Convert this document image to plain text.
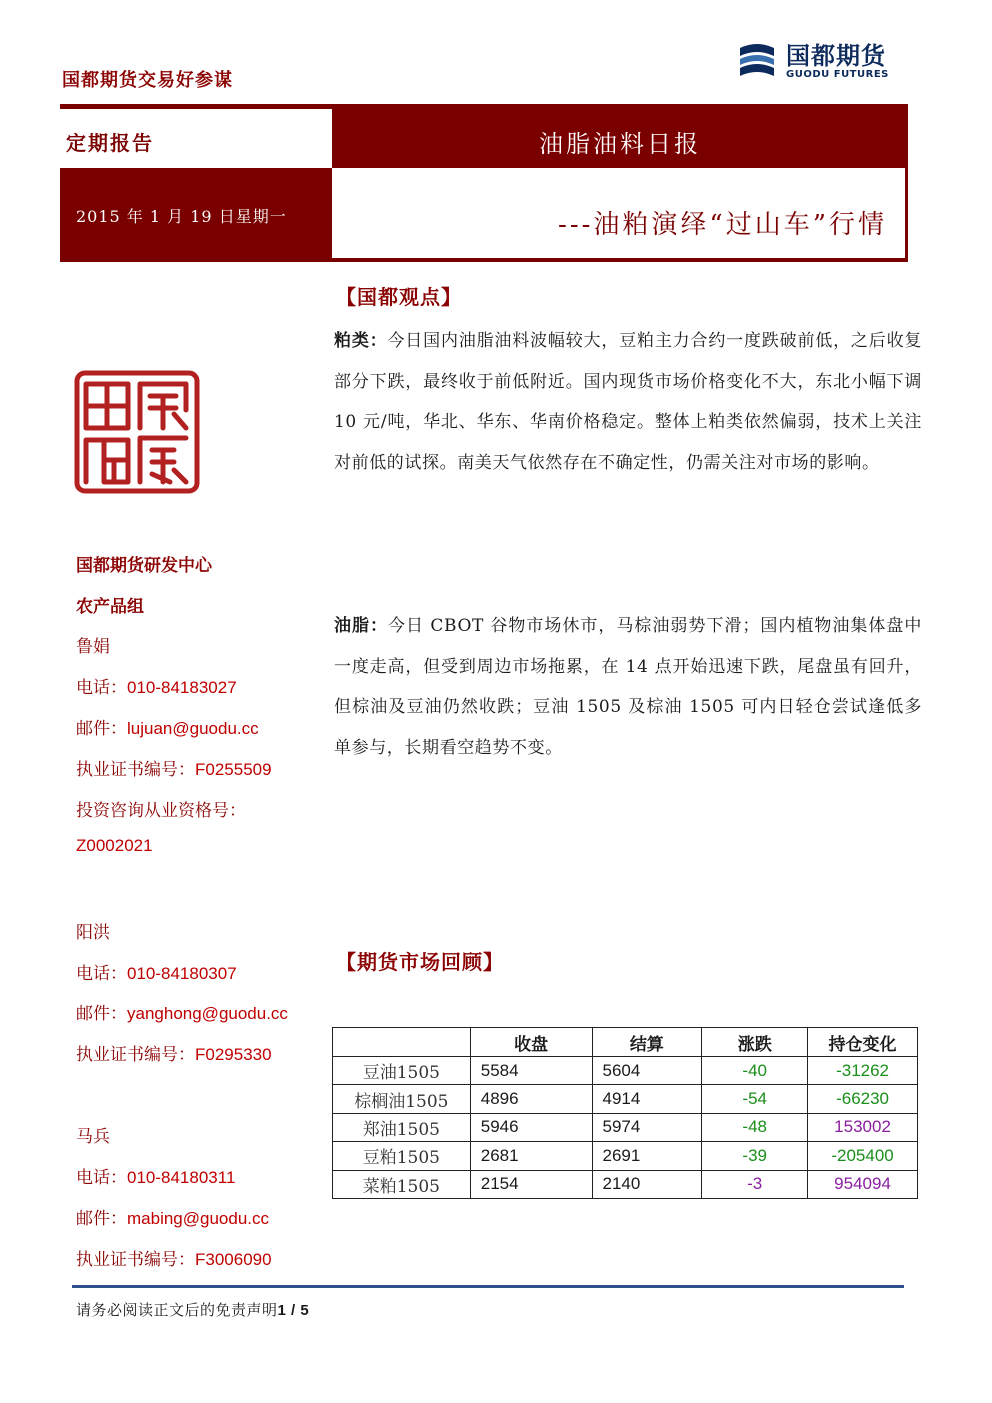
国都期货交易好参谋
国都期货
GUODU FUTURES
定期报告	油脂油料日报
2015 年 1 月 19 日星期一	---油粕演绎“过山车”行情
国都期货研发中心
农产品组
鲁娟
电话：010-84183027
邮件：lujuan@guodu.cc
执业证书编号：F0255509
投资咨询从业资格号：
Z0002021
阳洪
电话：010-84180307
邮件：yanghong@guodu.cc
执业证书编号：F0295330
马兵
电话：010-84180311
邮件：mabing@guodu.cc
执业证书编号：F3006090
【国都观点】
粕类：今日国内油脂油料波幅较大，豆粕主力合约一度跌破前低，之后收复部分下跌，最终收于前低附近。国内现货市场价格变化不大，东北小幅下调 10 元/吨，华北、华东、华南价格稳定。整体上粕类依然偏弱，技术上关注对前低的试探。南美天气依然存在不确定性，仍需关注对市场的影响。
油脂：今日 CBOT 谷物市场休市，马棕油弱势下滑；国内植物油集体盘中一度走高，但受到周边市场拖累，在 14 点开始迅速下跌，尾盘虽有回升，但棕油及豆油仍然收跌；豆油 1505 及棕油 1505 可内日轻仓尝试逢低多单参与，长期看空趋势不变。
【期货市场回顾】
	收盘	结算	涨跌	持仓变化
豆油1505	5584	5604	-40	-31262
棕榈油1505	4896	4914	-54	-66230
郑油1505	5946	5974	-48	153002
豆粕1505	2681	2691	-39	-205400
菜粕1505	2154	2140	-3	954094
请务必阅读正文后的免责声明1 / 5
